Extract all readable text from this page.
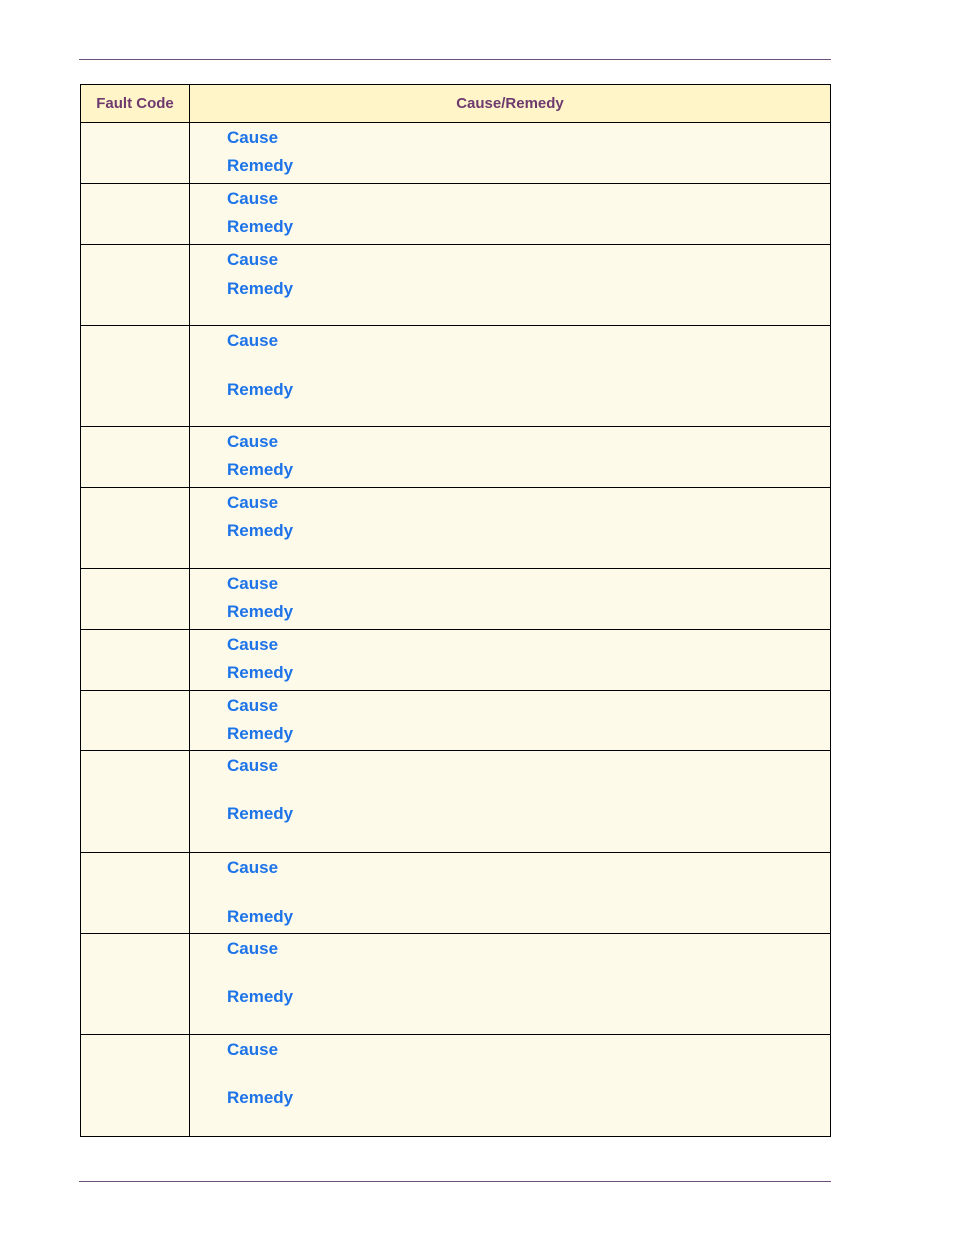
Fault Code	Cause/Remedy

	Cause
Remedy

	Cause
Remedy

	Cause
Remedy

	Cause
Remedy

	Cause
Remedy

	Cause
Remedy

	Cause
Remedy

	Cause
Remedy

	Cause
Remedy

	Cause
Remedy

	Cause
Remedy

	Cause
Remedy

	Cause
Remedy
